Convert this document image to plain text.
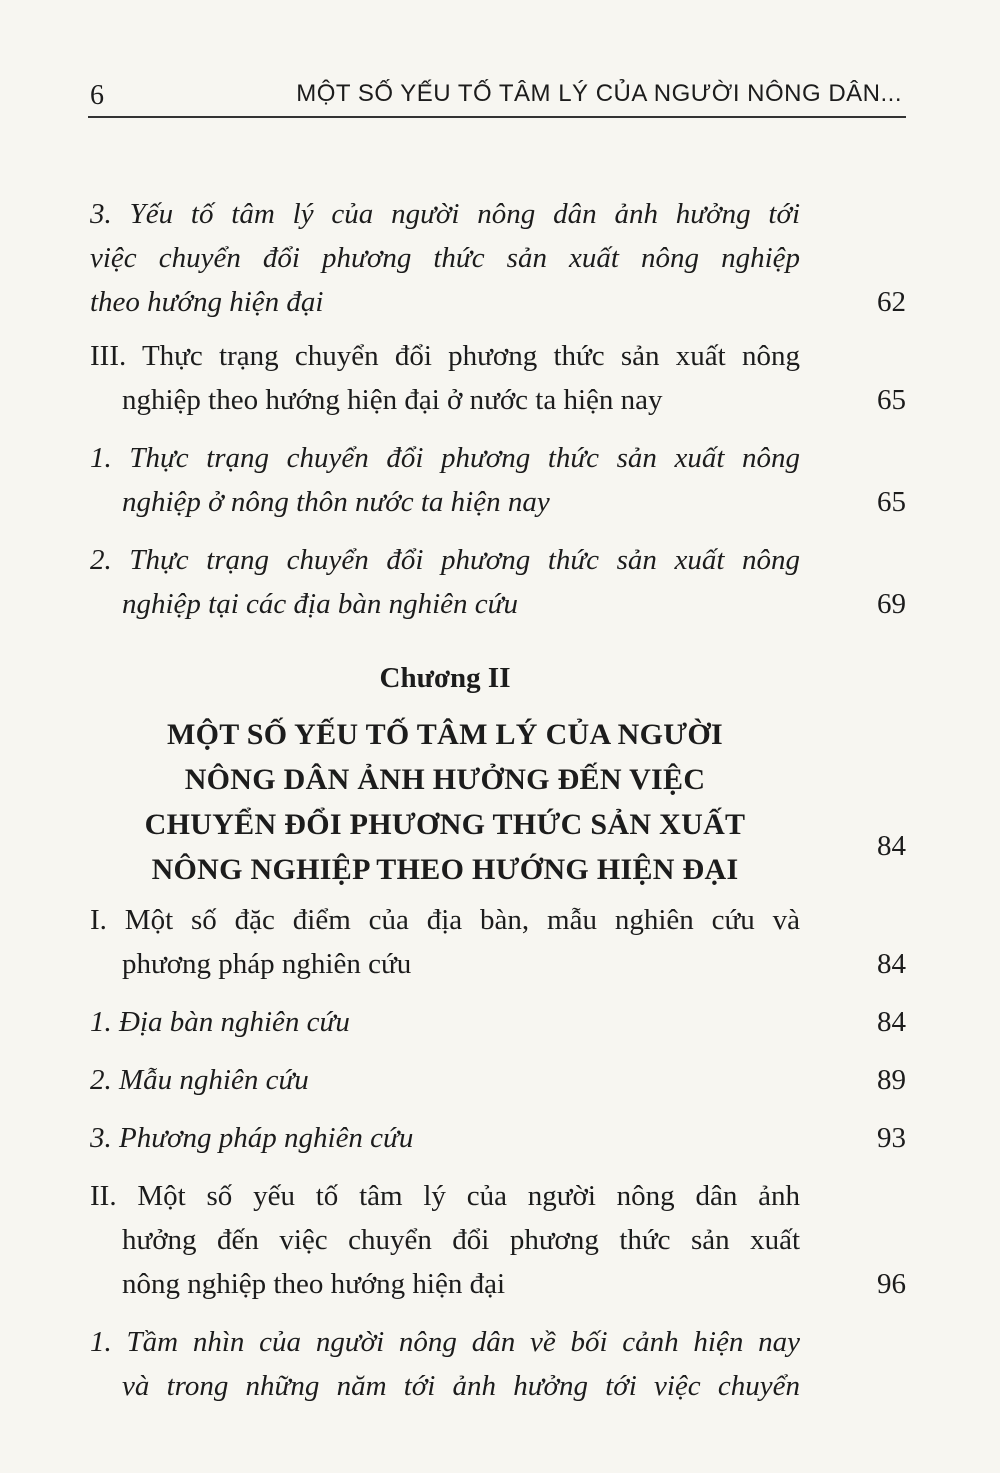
6	MỘT SỐ YẾU TỐ TÂM LÝ CỦA NGƯỜI NÔNG DÂN...
3. Yếu tố tâm lý của người nông dân ảnh hưởng tới
việc chuyển đổi phương thức sản xuất nông nghiệp
theo hướng hiện đại	62
III. Thực trạng chuyển đổi phương thức sản xuất nông
nghiệp theo hướng hiện đại ở nước ta hiện nay	65
1. Thực trạng chuyển đổi phương thức sản xuất nông
nghiệp ở nông thôn nước ta hiện nay	65
2. Thực trạng chuyển đổi phương thức sản xuất nông
nghiệp tại các địa bàn nghiên cứu	69
Chương II
MỘT SỐ YẾU TỐ TÂM LÝ CỦA NGƯỜI
NÔNG DÂN ẢNH HƯỞNG ĐẾN VIỆC
CHUYỂN ĐỔI PHƯƠNG THỨC SẢN XUẤT
NÔNG NGHIỆP THEO HƯỚNG HIỆN ĐẠI
84
I. Một số đặc điểm của địa bàn, mẫu nghiên cứu và
phương pháp nghiên cứu	84
1. Địa bàn nghiên cứu	84
2. Mẫu nghiên cứu	89
3. Phương pháp nghiên cứu	93
II. Một số yếu tố tâm lý của người nông dân ảnh
hưởng đến việc chuyển đổi phương thức sản xuất
nông nghiệp theo hướng hiện đại	96
1. Tầm nhìn của người nông dân về bối cảnh hiện nay
và trong những năm tới ảnh hưởng tới việc chuyển
